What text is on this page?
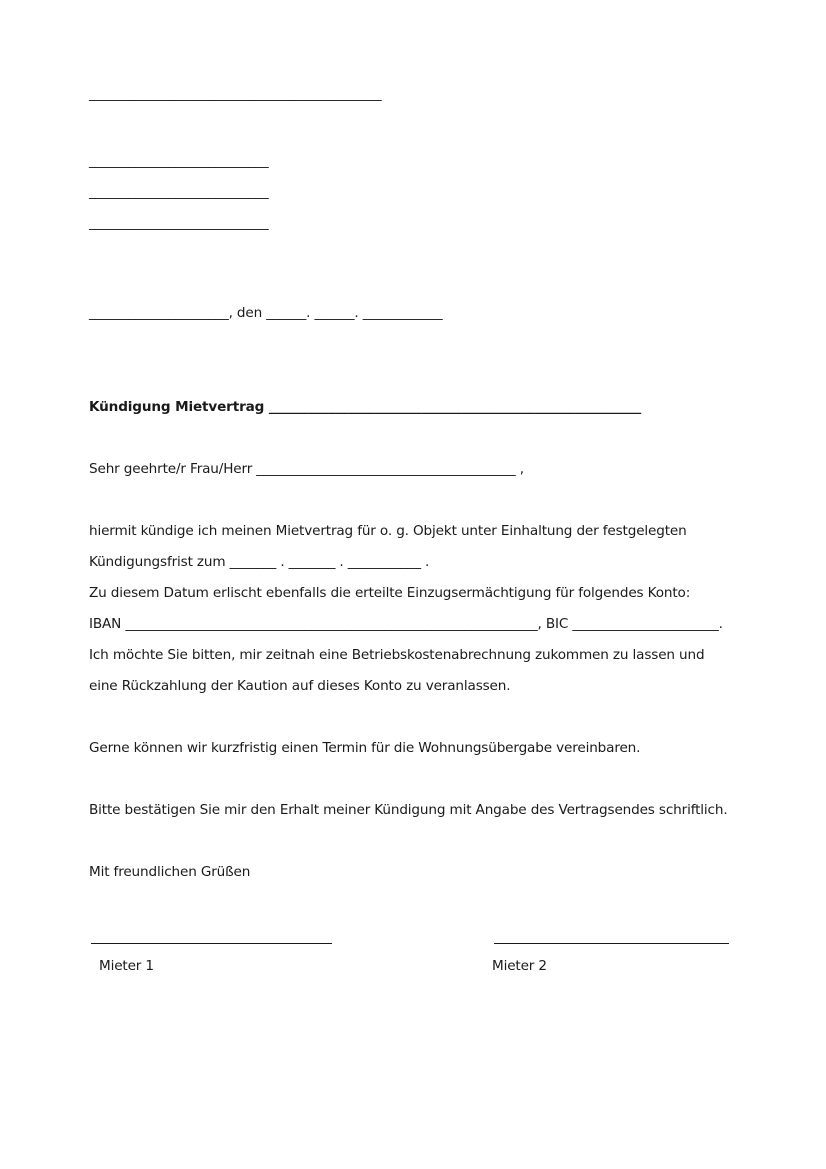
____________________________________________
___________________________
___________________________
___________________________
_____________________, den ______. ______. ____________
Kündigung Mietvertrag ________________________________________________________
Sehr geehrte/r Frau/Herr _______________________________________ ,
hiermit kündige ich meinen Mietvertrag für o. g. Objekt unter Einhaltung der festgelegten
Kündigungsfrist zum _______ . _______ . ___________ .
Zu diesem Datum erlischt ebenfalls die erteilte Einzugsermächtigung für folgendes Konto:
IBAN ______________________________________________________________, BIC ______________________.
Ich möchte Sie bitten, mir zeitnah eine Betriebskostenabrechnung zukommen zu lassen und
eine Rückzahlung der Kaution auf dieses Konto zu veranlassen.
Gerne können wir kurzfristig einen Termin für die Wohnungsübergabe vereinbaren.
Bitte bestätigen Sie mir den Erhalt meiner Kündigung mit Angabe des Vertragsendes schriftlich.
Mit freundlichen Grüßen
Mieter 1	Mieter 2
